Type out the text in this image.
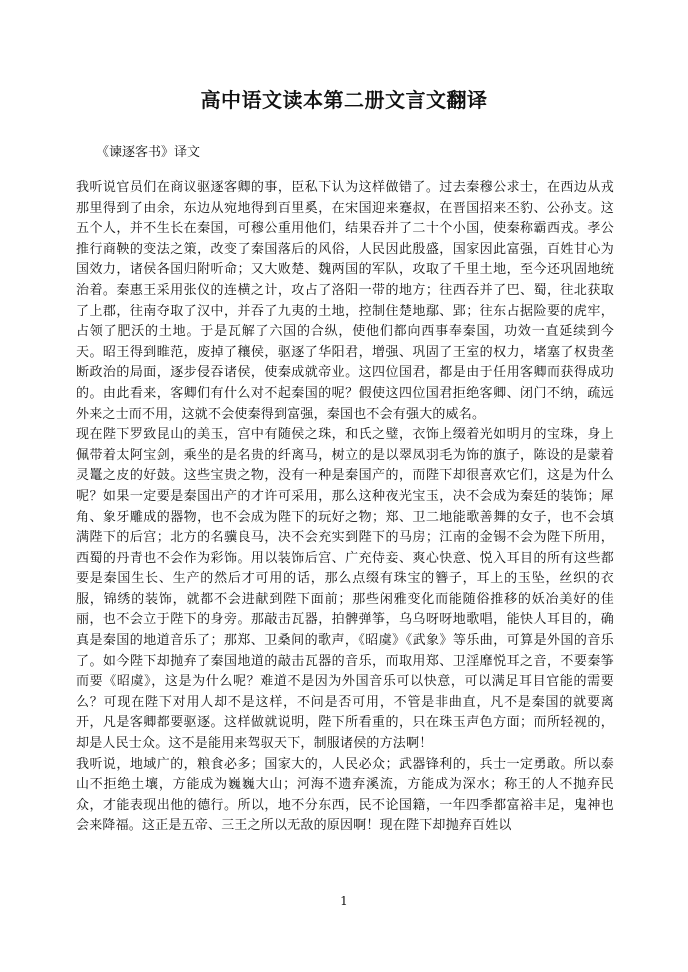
高中语文读本第二册文言文翻译
《谏逐客书》译文

我听说官员们在商议驱逐客卿的事，臣私下认为这样做错了。过去秦穆公求士，在西边从戎那里得到了由余，东边从宛地得到百里奚，在宋国迎来蹇叔，在晋国招来丕豹、公孙支。这五个人，并不生长在秦国，可穆公重用他们，结果吞并了二十个小国，使秦称霸西戎。孝公推行商鞅的变法之策，改变了秦国落后的风俗，人民因此殷盛，国家因此富强，百姓甘心为国效力，诸侯各国归附听命；又大败楚、魏两国的军队，攻取了千里土地，至今还巩固地统治着。秦惠王采用张仪的连横之计，攻占了洛阳一带的地方；往西吞并了巴、蜀，往北获取了上郡，往南夺取了汉中，并吞了九夷的土地，控制住楚地鄢、郢；往东占据险要的虎牢，占领了肥沃的土地。于是瓦解了六国的合纵，使他们都向西事奉秦国，功效一直延续到今天。昭王得到睢范，废掉了穰侯，驱逐了华阳君，增强、巩固了王室的权力，堵塞了权贵垄断政治的局面，逐步侵吞诸侯，使秦成就帝业。这四位国君，都是由于任用客卿而获得成功的。由此看来，客卿们有什么对不起秦国的呢？假使这四位国君拒绝客卿、闭门不纳，疏远外来之士而不用，这就不会使秦得到富强，秦国也不会有强大的威名。

现在陛下罗致昆山的美玉，宫中有随侯之珠，和氏之璧，衣饰上缀着光如明月的宝珠，身上佩带着太阿宝剑，乘坐的是名贵的纤离马，树立的是以翠凤羽毛为饰的旗子，陈设的是蒙着灵鼍之皮的好鼓。这些宝贵之物，没有一种是秦国产的，而陛下却很喜欢它们，这是为什么呢？如果一定要是秦国出产的才许可采用，那么这种夜光宝玉，决不会成为秦廷的装饰；犀角、象牙雕成的器物，也不会成为陛下的玩好之物；郑、卫二地能歌善舞的女子，也不会填满陛下的后宫；北方的名骥良马，决不会充实到陛下的马房；江南的金锡不会为陛下所用，西蜀的丹青也不会作为彩饰。用以装饰后宫、广充侍妾、爽心快意、悦入耳目的所有这些都要是秦国生长、生产的然后才可用的话，那么点缀有珠宝的簪子，耳上的玉坠，丝织的衣服，锦绣的装饰，就都不会进献到陛下面前；那些闲雅变化而能随俗推移的妖冶美好的佳丽，也不会立于陛下的身旁。那敲击瓦器，拍髀弹筝，乌乌呀呀地歌唱，能快人耳目的，确真是秦国的地道音乐了；那郑、卫桑间的歌声，《昭虞》《武象》等乐曲，可算是外国的音乐了。如今陛下却抛弃了秦国地道的敲击瓦器的音乐，而取用郑、卫淫靡悦耳之音，不要秦筝而要《昭虞》，这是为什么呢？难道不是因为外国音乐可以快意，可以满足耳目官能的需要么？可现在陛下对用人却不是这样，不问是否可用，不管是非曲直，凡不是秦国的就要离开，凡是客卿都要驱逐。这样做就说明，陛下所看重的，只在珠玉声色方面；而所轻视的，却是人民士众。这不是能用来驾驭天下，制服诸侯的方法啊！

我听说，地域广的，粮食必多；国家大的，人民必众；武器锋利的，兵士一定勇敢。所以泰山不拒绝土壤，方能成为巍巍大山；河海不遗弃溪流，方能成为深水；称王的人不抛弃民众，才能表现出他的德行。所以，地不分东西，民不论国籍，一年四季都富裕丰足，鬼神也会来降福。这正是五帝、三王之所以无敌的原因啊！现在陛下却抛弃百姓以

1
